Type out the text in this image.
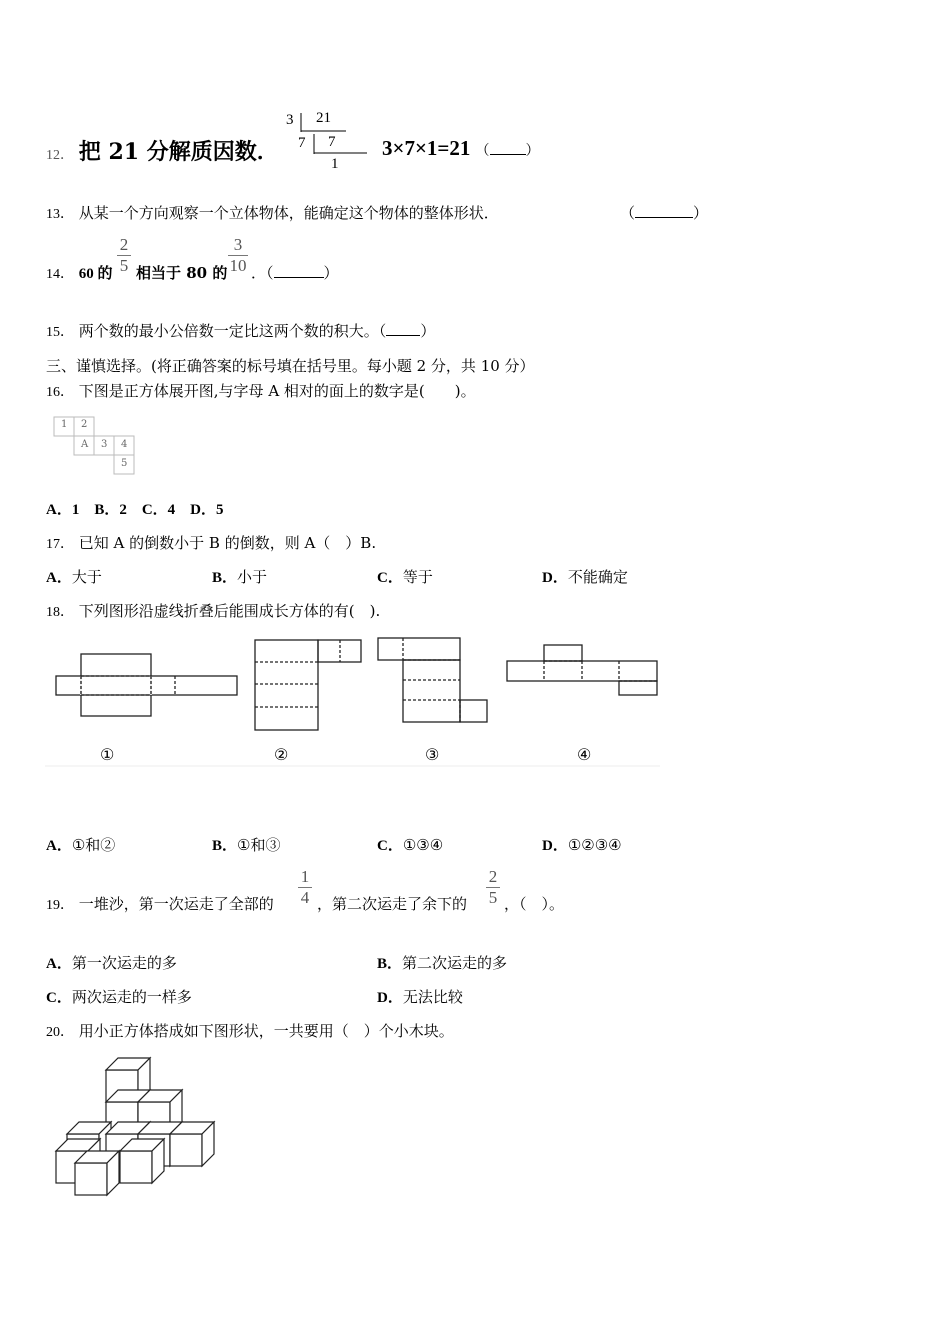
12． 把 21 分解质因数．
3 21
7 7
1
3×7×1=21 （	）
13． 从某一个方向观察一个立体物体，能确定这个物体的整体形状．	（	）
14． 60 的
2
5 相当于 80 的
3
10 ．（	）
15． 两个数的最小公倍数一定比这两个数的积大。（ ）
三、谨慎选择。(将正确答案的标号填在括号里。每小题 2 分，共 10 分）
16． 下图是正方体展开图,与字母 A 相对的面上的数字是(　　)。
1 2
A 3 4
5
A．1　B．2　C．4　D．5
17． 已知 A 的倒数小于 B 的倒数，则 A（　）B.
A．大于	B．小于	C．等于	D．不能确定
18． 下列图形沿虚线折叠后能围成长方体的有(　).
①	②	③	④
A．①和②	B．①和③	C．①③④	D．①②③④
19． 一堆沙，第一次运走了全部的
1
4 ，第二次运走了余下的
2
5 ，（　）。
A．第一次运走的多	B．第二次运走的多
C．两次运走的一样多	D．无法比较
20． 用小正方体搭成如下图形状，一共要用（　）个小木块。
